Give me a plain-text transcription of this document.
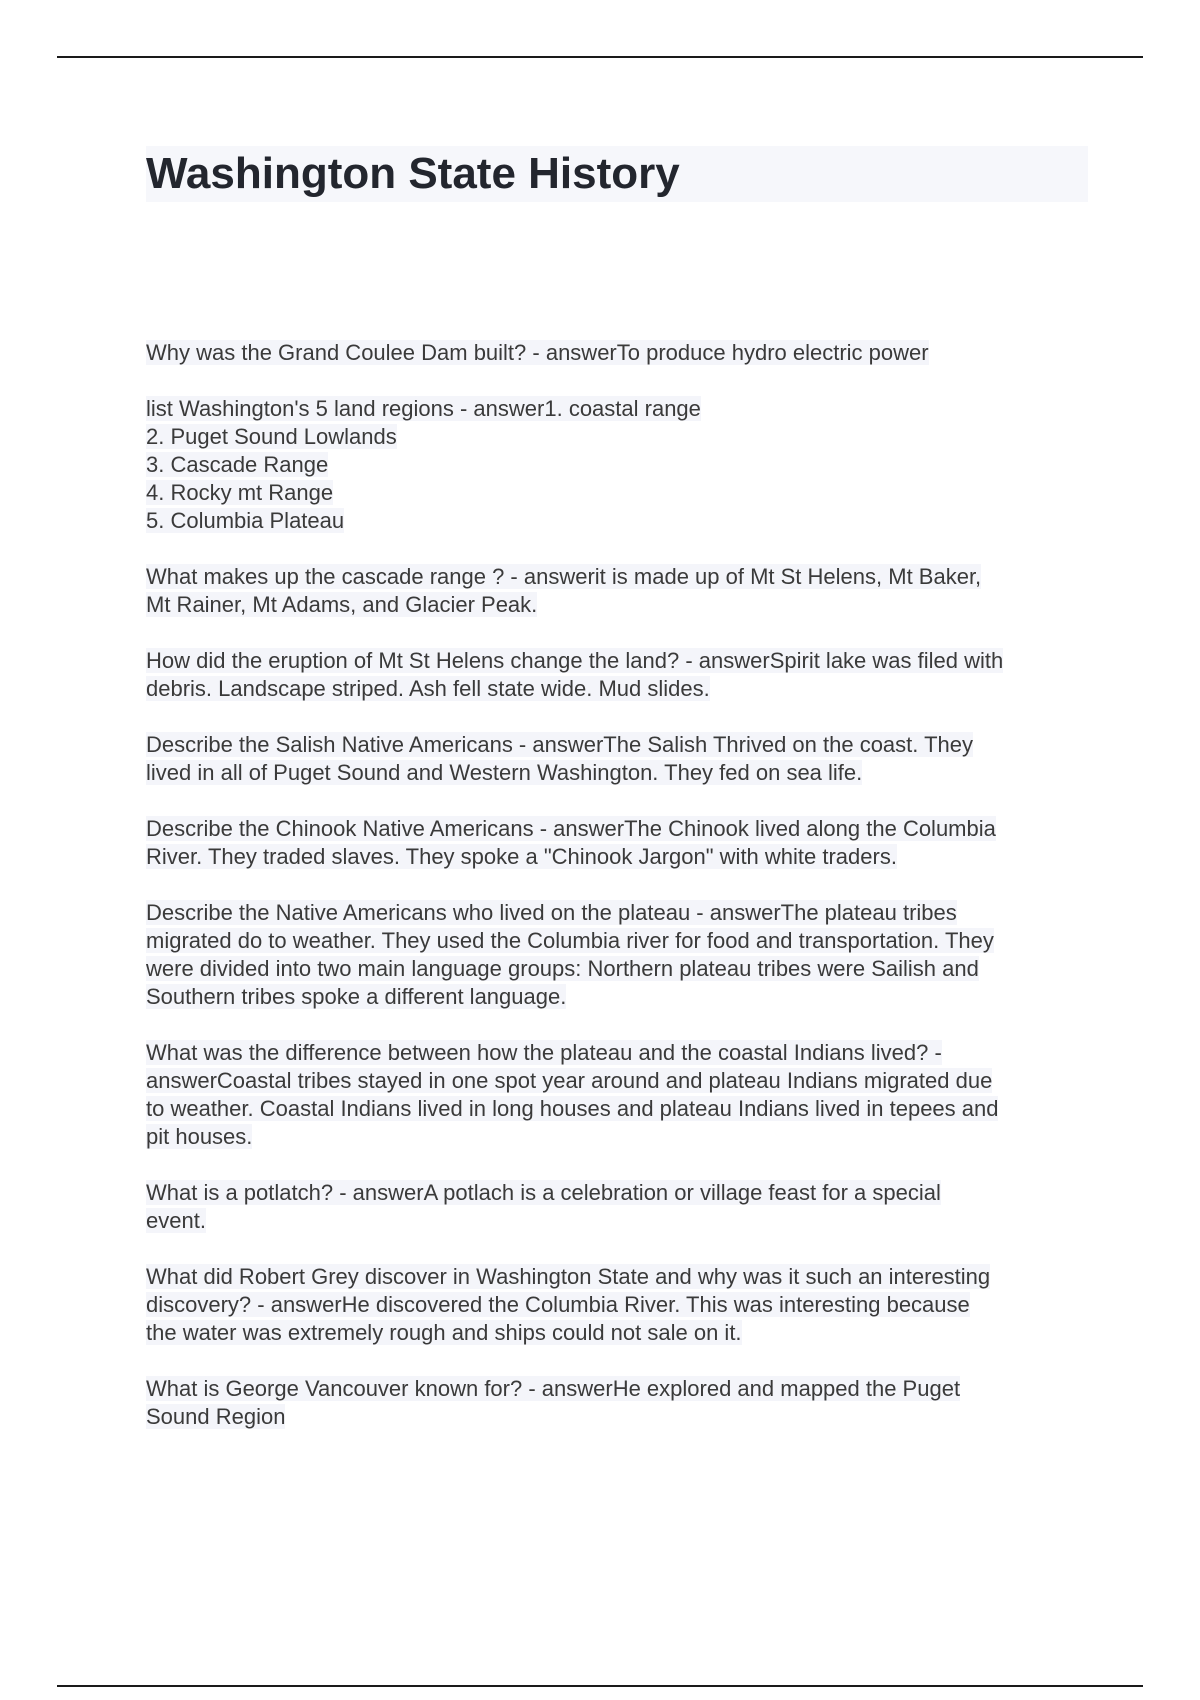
Washington State History

Why was the Grand Coulee Dam built? - answerTo produce hydro electric power

list Washington's 5 land regions - answer1. coastal range
2. Puget Sound Lowlands
3. Cascade Range
4. Rocky mt Range
5. Columbia Plateau

What makes up the cascade range ? - answerit is made up of Mt St Helens, Mt Baker,
Mt Rainer, Mt Adams, and Glacier Peak.

How did the eruption of Mt St Helens change the land? - answerSpirit lake was filed with
debris. Landscape striped. Ash fell state wide. Mud slides.

Describe the Salish Native Americans - answerThe Salish Thrived on the coast. They
lived in all of Puget Sound and Western Washington. They fed on sea life.

Describe the Chinook Native Americans - answerThe Chinook lived along the Columbia
River. They traded slaves. They spoke a "Chinook Jargon" with white traders.

Describe the Native Americans who lived on the plateau - answerThe plateau tribes
migrated do to weather. They used the Columbia river for food and transportation. They
were divided into two main language groups: Northern plateau tribes were Sailish and
Southern tribes spoke a different language.

What was the difference between how the plateau and the coastal Indians lived? -
answerCoastal tribes stayed in one spot year around and plateau Indians migrated due
to weather. Coastal Indians lived in long houses and plateau Indians lived in tepees and
pit houses.

What is a potlatch? - answerA potlach is a celebration or village feast for a special
event.

What did Robert Grey discover in Washington State and why was it such an interesting
discovery? - answerHe discovered the Columbia River. This was interesting because
the water was extremely rough and ships could not sale on it.

What is George Vancouver known for? - answerHe explored and mapped the Puget
Sound Region
